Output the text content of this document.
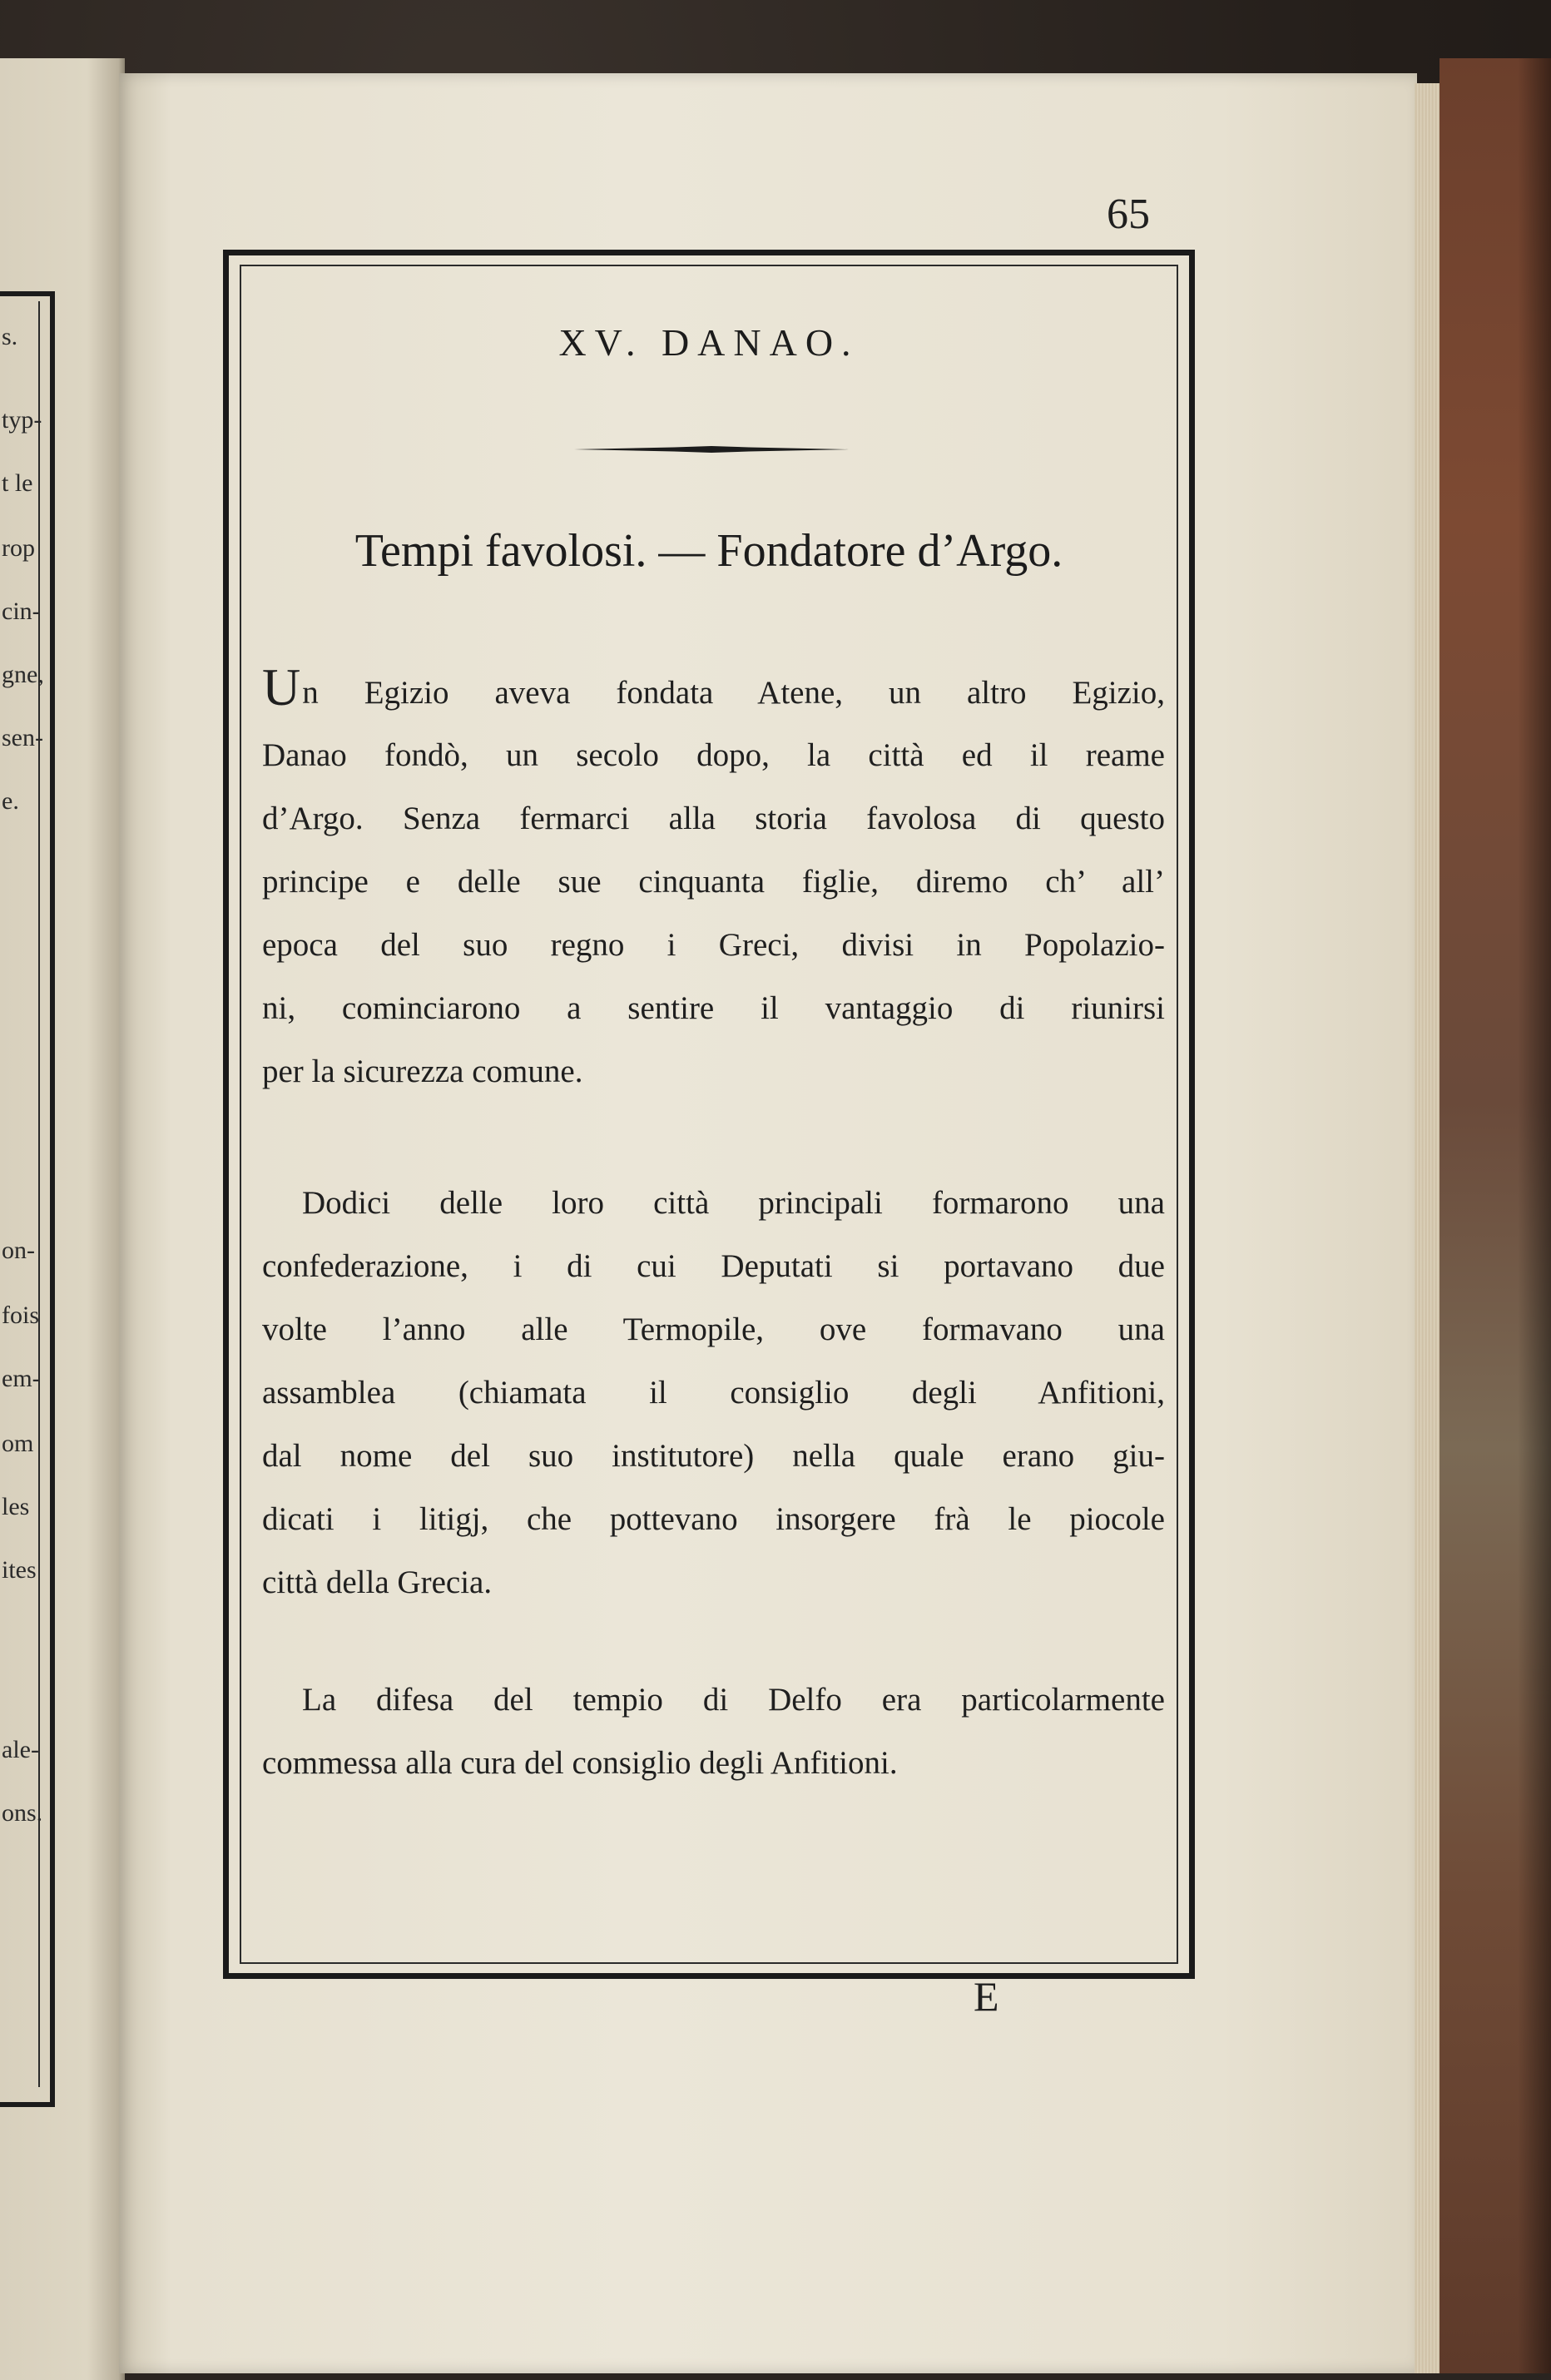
s.
typ-
t le
rop
cin-
gne,
sen-
e.
on-
fois
em-
om
les
ites
ale-
ons.
65
XV. DANAO.
Tempi favolosi. — Fondatore d’Argo.
Un Egizio aveva fondata Atene, un altro Egizio,
Danao fondò, un secolo dopo, la città ed il reame
d’Argo. Senza fermarci alla storia favolosa di questo
principe e delle sue cinquanta figlie, diremo ch’ all’
epoca del suo regno i Greci, divisi in Popolazio-
ni, cominciarono a sentire il vantaggio di riunirsi
per la sicurezza comune.
Dodici delle loro città principali formarono una
confederazione, i di cui Deputati si portavano due
volte l’anno alle Termopile, ove formavano una
assamblea (chiamata il consiglio degli Anfitioni,
dal nome del suo institutore) nella quale erano giu-
dicati i litigj, che pottevano insorgere frà le piocole
città della Grecia.
La difesa del tempio di Delfo era particolarmente
commessa alla cura del consiglio degli Anfitioni.
E
